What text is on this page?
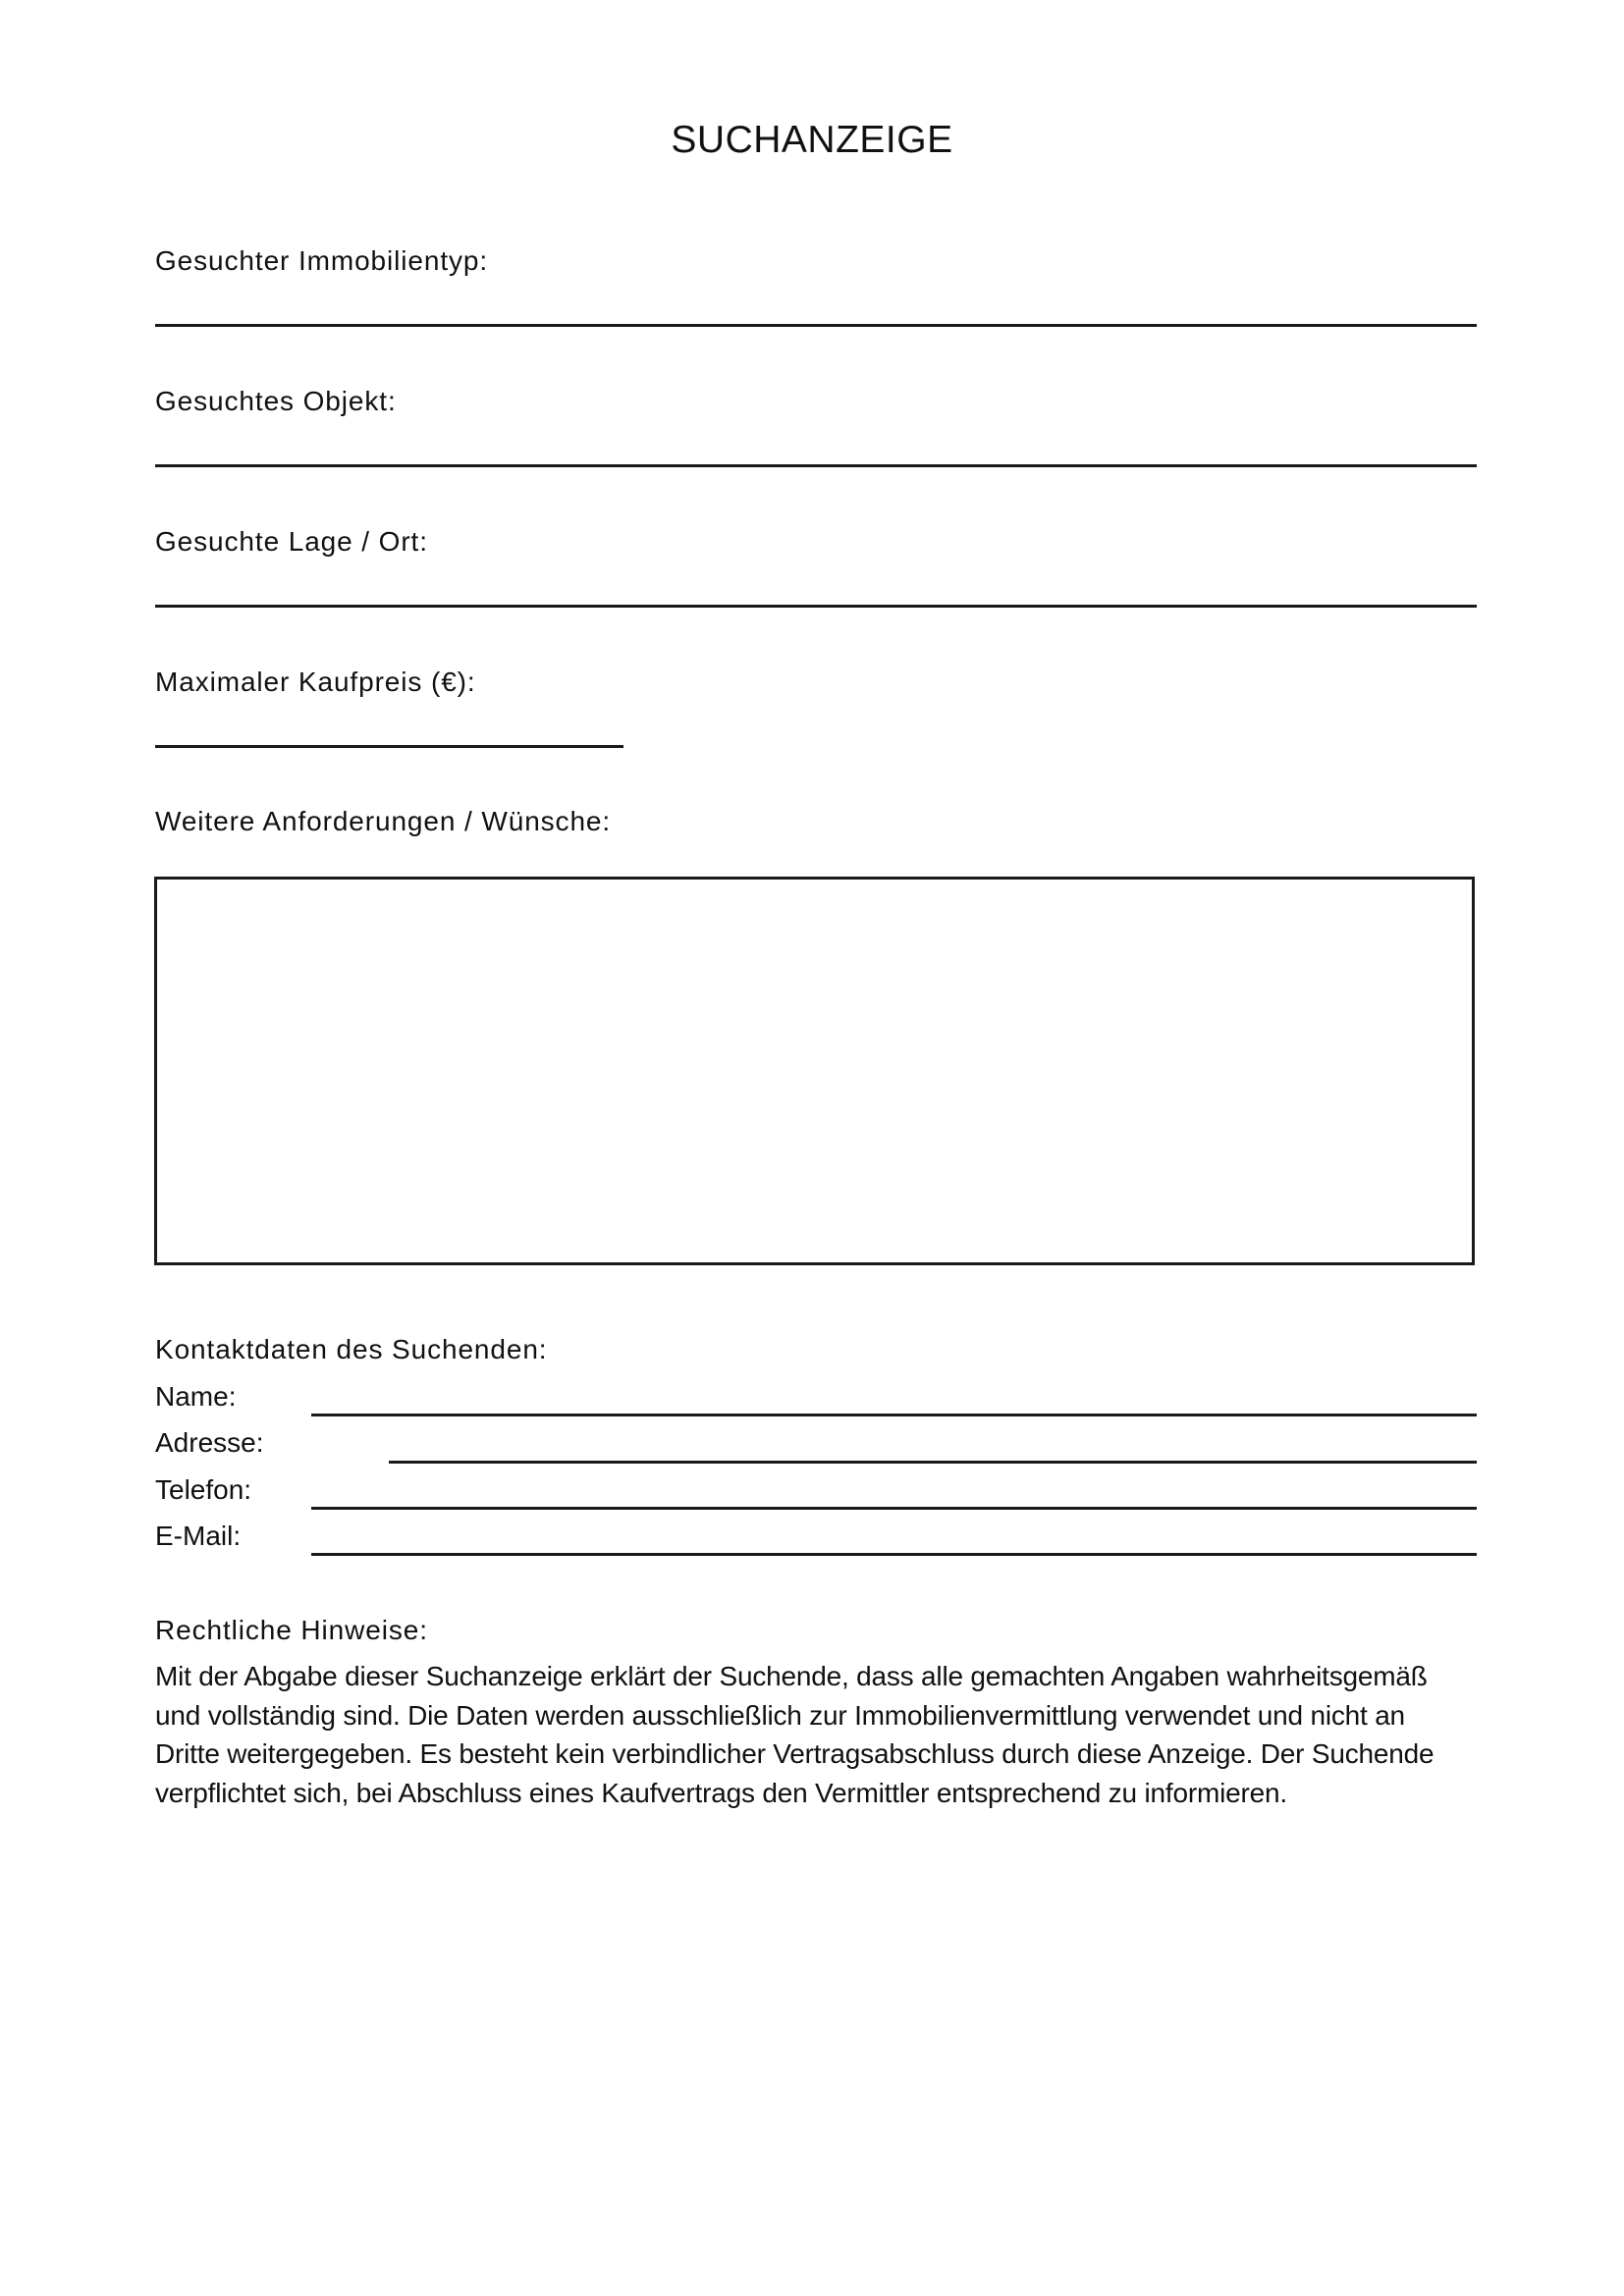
SUCHANZEIGE
Gesuchter Immobilientyp:
Gesuchtes Objekt:
Gesuchte Lage / Ort:
Maximaler Kaufpreis (€):
Weitere Anforderungen / Wünsche:
Kontaktdaten des Suchenden:
Name:
Adresse:
Telefon:
E-Mail:
Rechtliche Hinweise:
Mit der Abgabe dieser Suchanzeige erklärt der Suchende, dass alle gemachten Angaben wahrheitsgemäß
und vollständig sind. Die Daten werden ausschließlich zur Immobilienvermittlung verwendet und nicht an
Dritte weitergegeben. Es besteht kein verbindlicher Vertragsabschluss durch diese Anzeige. Der Suchende
verpflichtet sich, bei Abschluss eines Kaufvertrags den Vermittler entsprechend zu informieren.
